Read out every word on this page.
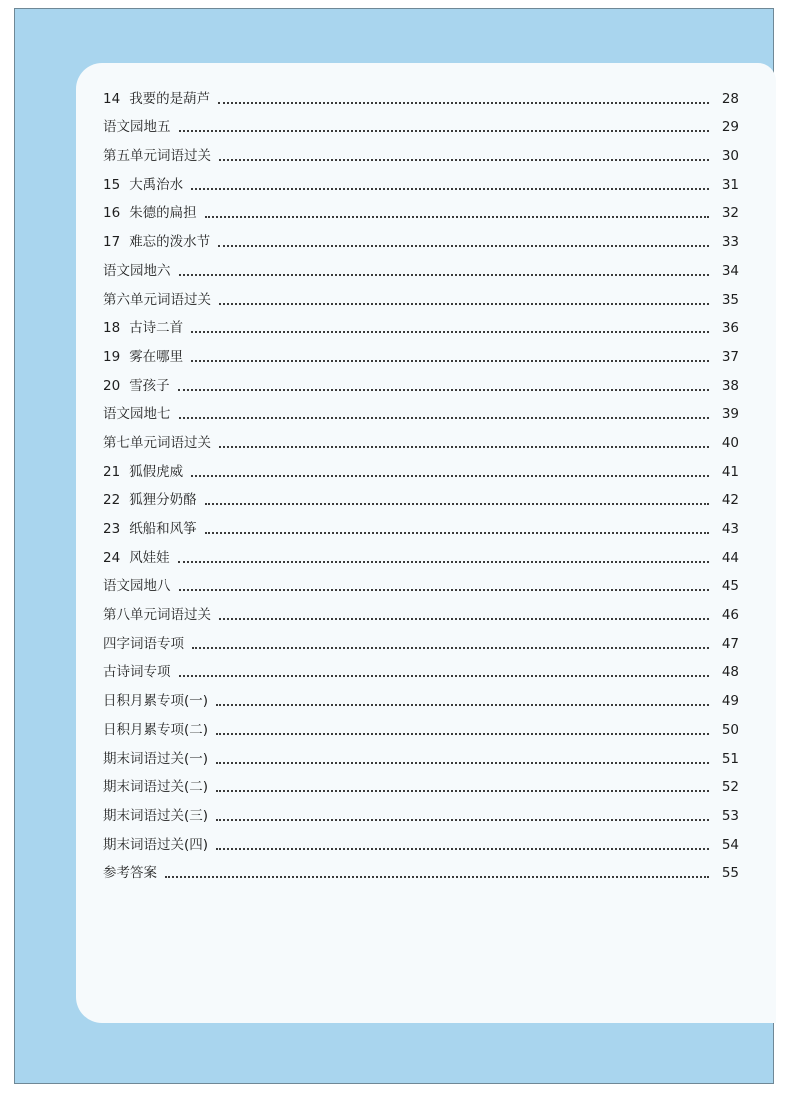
14 我要的是葫芦	28
语文园地五	29
第五单元词语过关	30
15 大禹治水	31
16 朱德的扁担	32
17 难忘的泼水节	33
语文园地六	34
第六单元词语过关	35
18 古诗二首	36
19 雾在哪里	37
20 雪孩子	38
语文园地七	39
第七单元词语过关	40
21 狐假虎威	41
22 狐狸分奶酪	42
23 纸船和风筝	43
24 风娃娃	44
语文园地八	45
第八单元词语过关	46
四字词语专项	47
古诗词专项	48
日积月累专项(一)	49
日积月累专项(二)	50
期末词语过关(一)	51
期末词语过关(二)	52
期末词语过关(三)	53
期末词语过关(四)	54
参考答案	55
